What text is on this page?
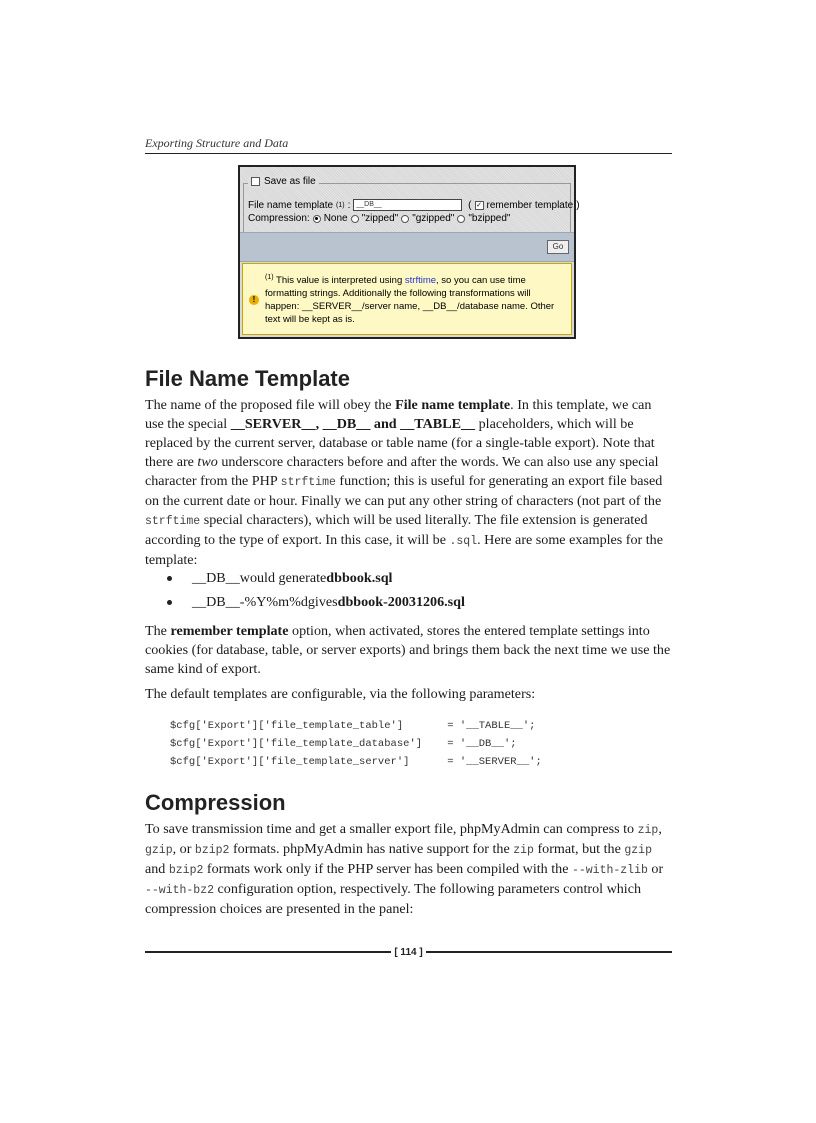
Exporting Structure and Data
Save as file
File name template (1) : __DB__	( ✓ remember template )
Compression: None "zipped" "gzipped" "bzipped"
Go
!
$^{(1)}$ This value is interpreted using strftime, so you can use time formatting strings. Additionally the following transformations will happen: __SERVER__/server name, __DB__/database name. Other text will be kept as is.
File Name Template

The name of the proposed file will obey the File name template. In this template, we can use the special __SERVER__, __DB__ and __TABLE__ placeholders, which will be replaced by the current server, database or table name (for a single-table export). Note that there are two underscore characters before and after the words. We can also use any special character from the PHP strftime function; this is useful for generating an export file based on the current date or hour. Finally we can put any other string of characters (not part of the strftime special characters), which will be used literally. The file extension is generated according to the type of export. In this case, it will be .sql. Here are some examples for the template:

__DB__ would generate dbbook.sql
__DB__-%Y%m%d gives dbbook-20031206.sql

The remember template option, when activated, stores the entered template settings into cookies (for database, table, or server exports) and brings them back the next time we use the same kind of export.

The default templates are configurable, via the following parameters:

$cfg['Export']['file_template_table']       = '__TABLE__';
$cfg['Export']['file_template_database']    = '__DB__';
$cfg['Export']['file_template_server']      = '__SERVER__';
Compression

To save transmission time and get a smaller export file, phpMyAdmin can compress to zip, gzip, or bzip2 formats. phpMyAdmin has native support for the zip format, but the gzip and bzip2 formats work only if the PHP server has been compiled with the --with-zlib or --with-bz2 configuration option, respectively. The following parameters control which compression choices are presented in the panel:

[ 114 ]
